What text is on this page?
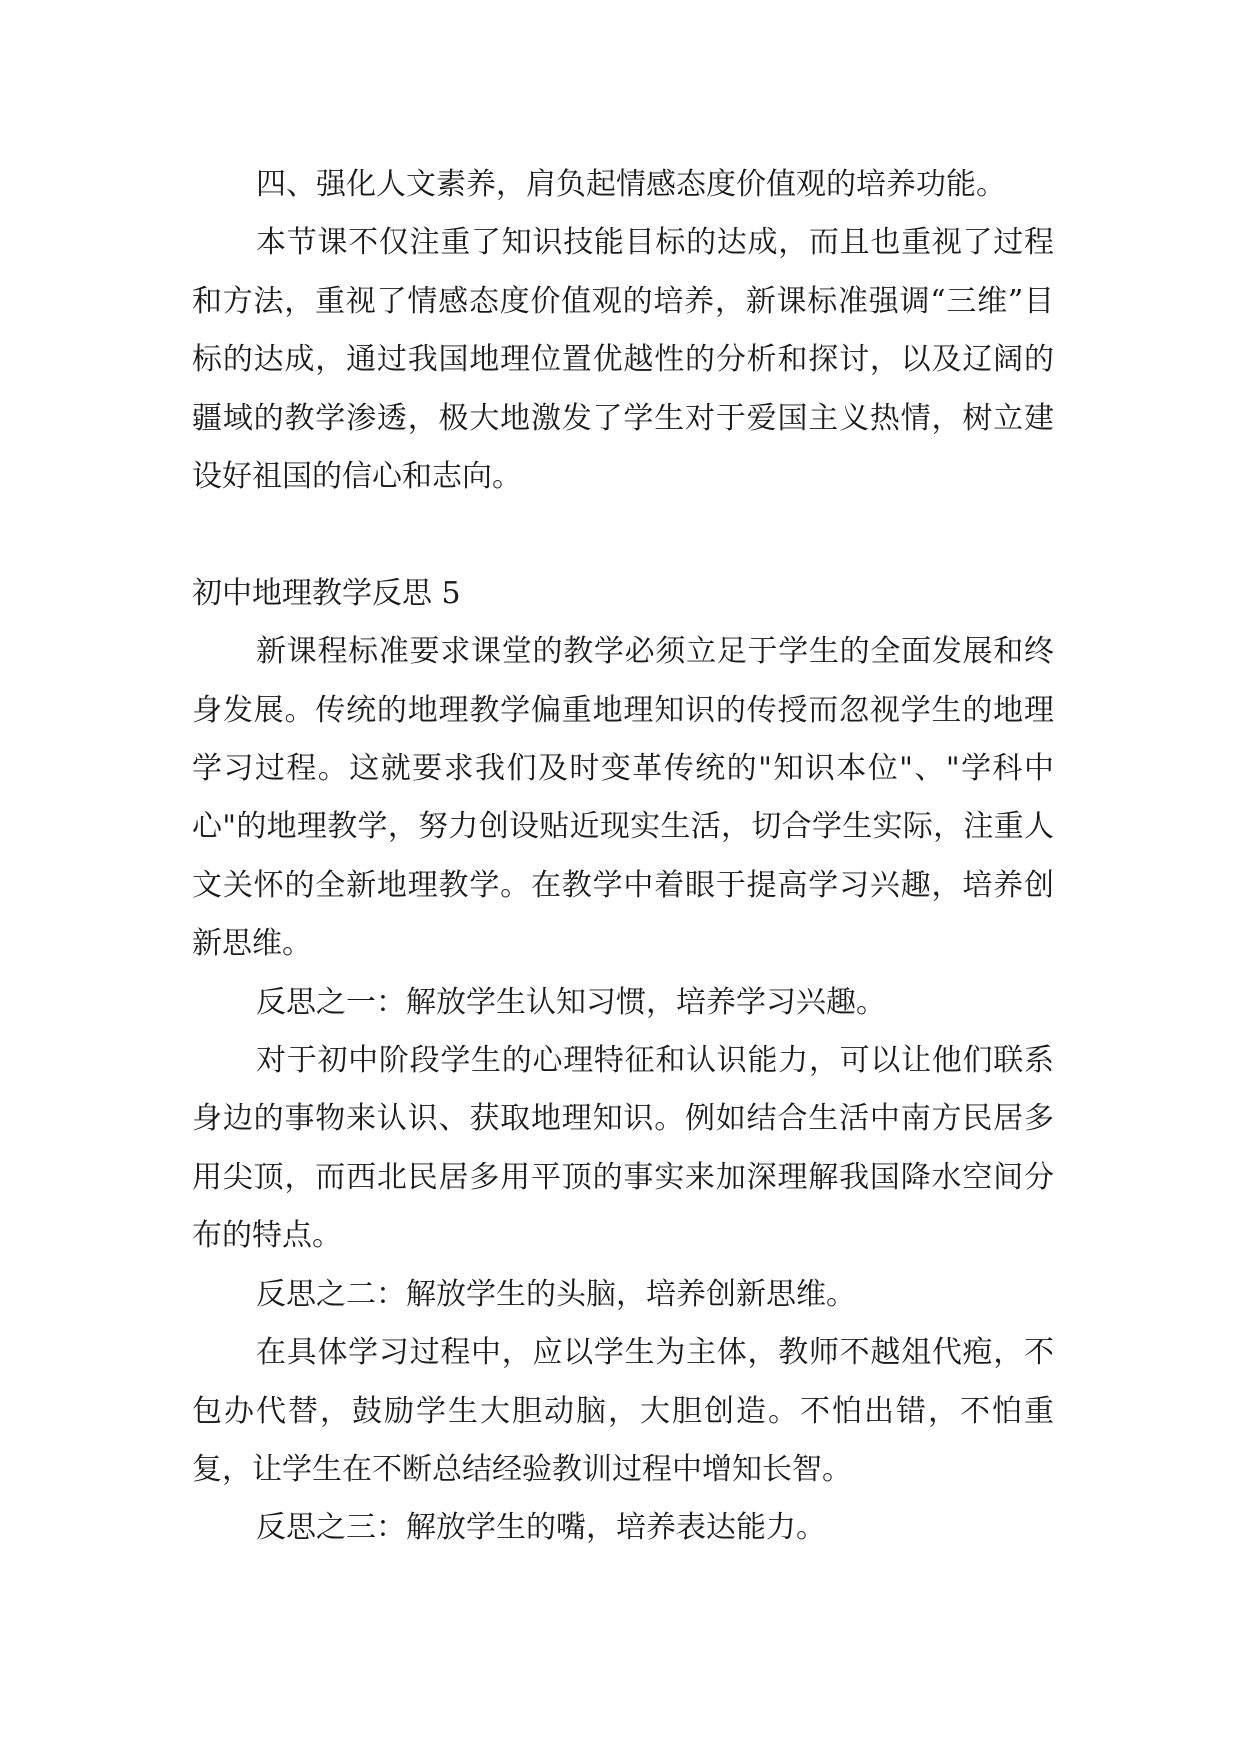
四、强化人文素养，肩负起情感态度价值观的培养功能。

本节课不仅注重了知识技能目标的达成，而且也重视了过程和方法，重视了情感态度价值观的培养，新课标准强调“三维”目标的达成，通过我国地理位置优越性的分析和探讨，以及辽阔的疆域的教学渗透，极大地激发了学生对于爱国主义热情，树立建设好祖国的信心和志向。

初中地理教学反思 5

新课程标准要求课堂的教学必须立足于学生的全面发展和终身发展。传统的地理教学偏重地理知识的传授而忽视学生的地理学习过程。这就要求我们及时变革传统的"知识本位"、"学科中心"的地理教学，努力创设贴近现实生活，切合学生实际，注重人文关怀的全新地理教学。在教学中着眼于提高学习兴趣，培养创新思维。

反思之一：解放学生认知习惯，培养学习兴趣。

对于初中阶段学生的心理特征和认识能力，可以让他们联系身边的事物来认识、获取地理知识。例如结合生活中南方民居多用尖顶，而西北民居多用平顶的事实来加深理解我国降水空间分布的特点。

反思之二：解放学生的头脑，培养创新思维。

在具体学习过程中，应以学生为主体，教师不越俎代疱，不包办代替，鼓励学生大胆动脑，大胆创造。不怕出错，不怕重复，让学生在不断总结经验教训过程中增知长智。

反思之三：解放学生的嘴，培养表达能力。
